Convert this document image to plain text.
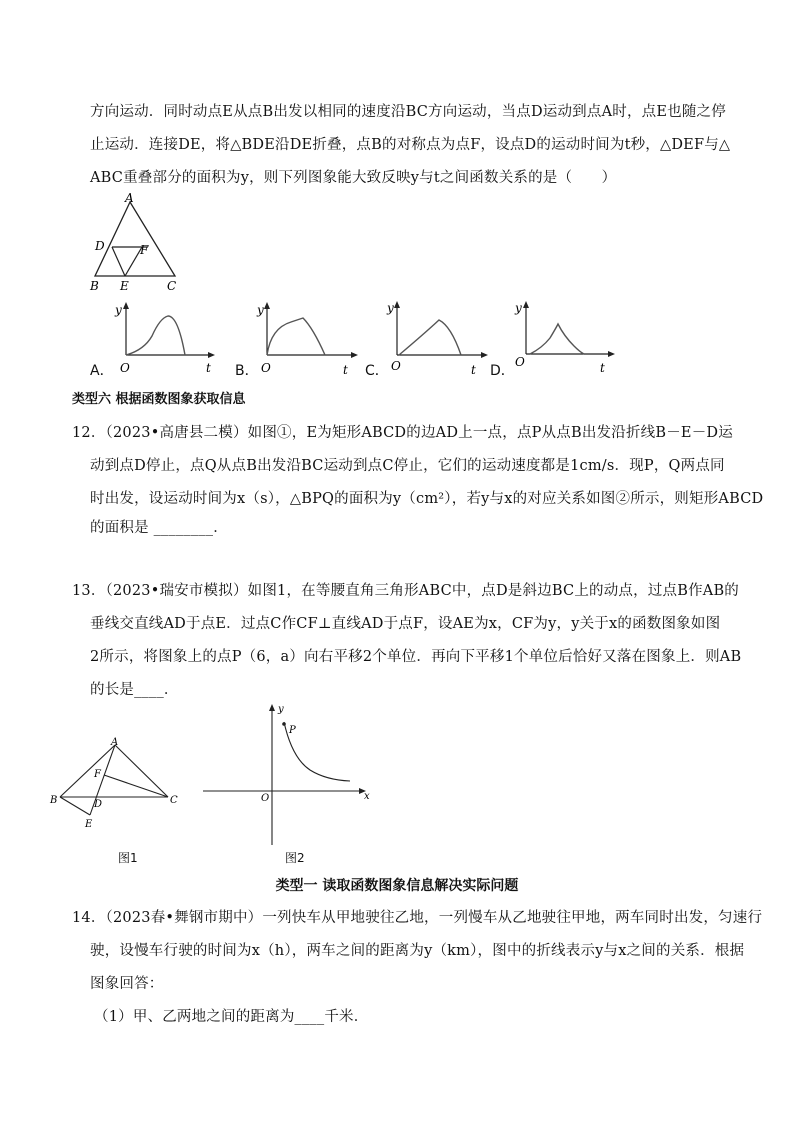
方向运动．同时动点E从点B出发以相同的速度沿BC方向运动，当点D运动到点A时，点E也随之停
止运动．连接DE，将△BDE沿DE折叠，点B的对称点为点F，设点D的运动时间为t秒，△DEF与△
ABC重叠部分的面积为y，则下列图象能大致反映y与t之间函数关系的是（　　）
A
D	F
B E	C
A．
y
O	t B．
y
O	t C．
y
O	t D．
y
O	t
类型六 根据函数图象获取信息
12．（2023•高唐县二模）如图①，E为矩形ABCD的边AD上一点，点P从点B出发沿折线B－E－D运
动到点D停止，点Q从点B出发沿BC运动到点C停止，它们的运动速度都是1cm/s．现P，Q两点同
时出发，设运动时间为x（s），△BPQ的面积为y（cm²），若y与x的对应关系如图②所示，则矩形ABCD
的面积是 ________．
13．（2023•瑞安市模拟）如图1，在等腰直角三角形ABC中，点D是斜边BC上的动点，过点B作AB的
垂线交直线AD于点E．过点C作CF⊥直线AD于点F，设AE为x，CF为y，y关于x的函数图象如图
2所示，将图象上的点P（6，a）向右平移2个单位．再向下平移1个单位后恰好又落在图象上．则AB
的长是____．
A
F
B	D	C
E
图1
y
x
O
P
图2
类型一 读取函数图象信息解决实际问题
14．（2023春•舞钢市期中）一列快车从甲地驶往乙地，一列慢车从乙地驶往甲地，两车同时出发，匀速行
驶，设慢车行驶的时间为x（h），两车之间的距离为y（km），图中的折线表示y与x之间的关系．根据
图象回答：
（1）甲、乙两地之间的距离为____千米．
